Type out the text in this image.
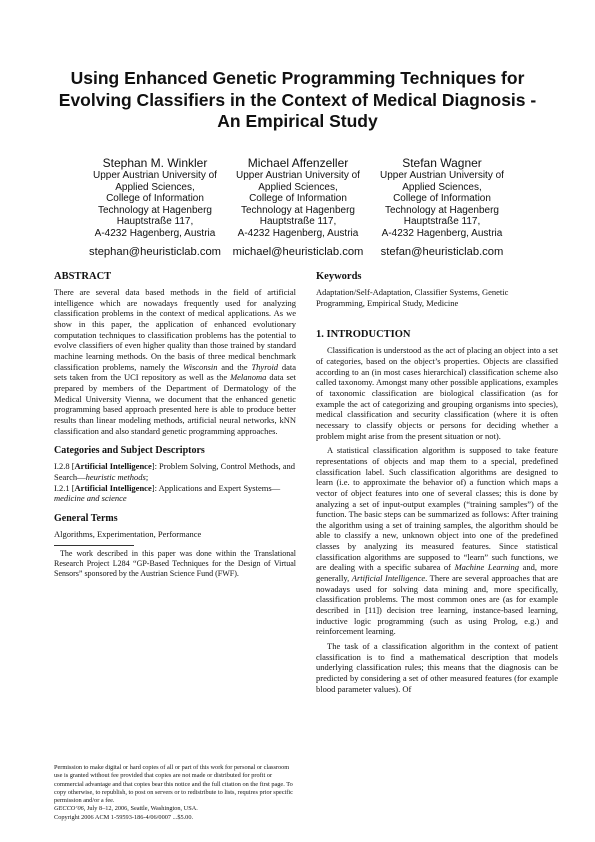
Using Enhanced Genetic Programming Techniques for
Evolving Classifiers in the Context of Medical Diagnosis -
An Empirical Study
Stephan M. Winkler
Upper Austrian University of
Applied Sciences,
College of Information
Technology at Hagenberg
Hauptstraße 117,
A-4232 Hagenberg, Austria
stephan@heuristiclab.com
Michael Affenzeller
Upper Austrian University of
Applied Sciences,
College of Information
Technology at Hagenberg
Hauptstraße 117,
A-4232 Hagenberg, Austria
michael@heuristiclab.com
Stefan Wagner
Upper Austrian University of
Applied Sciences,
College of Information
Technology at Hagenberg
Hauptstraße 117,
A-4232 Hagenberg, Austria
stefan@heuristiclab.com
ABSTRACT

There are several data based methods in the field of artificial intelligence which are nowadays frequently used for analyzing classification problems in the context of medical applications. As we show in this paper, the application of enhanced evolutionary computation techniques to classification problems has the potential to evolve classifiers of even higher quality than those trained by standard machine learning methods. On the basis of three medical benchmark classification problems, namely the Wisconsin and the Thyroid data sets taken from the UCI repository as well as the Melanoma data set prepared by members of the Department of Dermatology of the Medical University Vienna, we document that the enhanced genetic programming based approach presented here is able to produce better results than linear modeling methods, artificial neural networks, kNN classification and also standard genetic programming approaches.

Categories and Subject Descriptors

I.2.8 [Artificial Intelligence]: Problem Solving, Control Methods, and Search—heuristic methods;

I.2.1 [Artificial Intelligence]: Applications and Expert Systems—medicine and science

General Terms

Algorithms, Experimentation, Performance

The work described in this paper was done within the Translational Research Project L284 “GP-Based Techniques for the Design of Virtual Sensors” sponsored by the Austrian Science Fund (FWF).

Permission to make digital or hard copies of all or part of this work for personal or classroom use is granted without fee provided that copies are not made or distributed for profit or commercial advantage and that copies bear this notice and the full citation on the first page. To copy otherwise, to republish, to post on servers or to redistribute to lists, requires prior specific permission and/or a fee.

GECCO’06, July 8–12, 2006, Seattle, Washington, USA.

Copyright 2006 ACM 1-59593-186-4/06/0007 ...$5.00.

Keywords

Adaptation/Self-Adaptation, Classifier Systems, Genetic Programming, Empirical Study, Medicine

1. INTRODUCTION

Classification is understood as the act of placing an object into a set of categories, based on the object’s properties. Objects are classified according to an (in most cases hierarchical) classification scheme also called taxonomy. Amongst many other possible applications, examples of taxonomic classification are biological classification (as for example the act of categorizing and grouping organisms into species), medical classification and security classification (where it is often necessary to classify objects or persons for deciding whether a problem might arise from the present situation or not).

A statistical classification algorithm is supposed to take feature representations of objects and map them to a special, predefined classification label. Such classification algorithms are designed to learn (i.e. to approximate the behavior of) a function which maps a vector of object features into one of several classes; this is done by analyzing a set of input-output examples (“training samples”) of the function. The basic steps can be summarized as follows: After training the algorithm using a set of training samples, the algorithm should be able to classify a new, unknown object into one of the predefined classes by analyzing its measured features. Since statistical classification algorithms are supposed to “learn” such functions, we are dealing with a specific subarea of Machine Learning and, more generally, Artificial Intelligence. There are several approaches that are nowadays used for solving data mining and, more specifically, classification problems. The most common ones are (as for example described in [11]) decision tree learning, instance-based learning, inductive logic programming (such as using Prolog, e.g.) and reinforcement learning.

The task of a classification algorithm in the context of patient classification is to find a mathematical description that models underlying classification rules; this means that the diagnosis can be predicted by considering a set of other measured features (for example blood parameter values). Of
